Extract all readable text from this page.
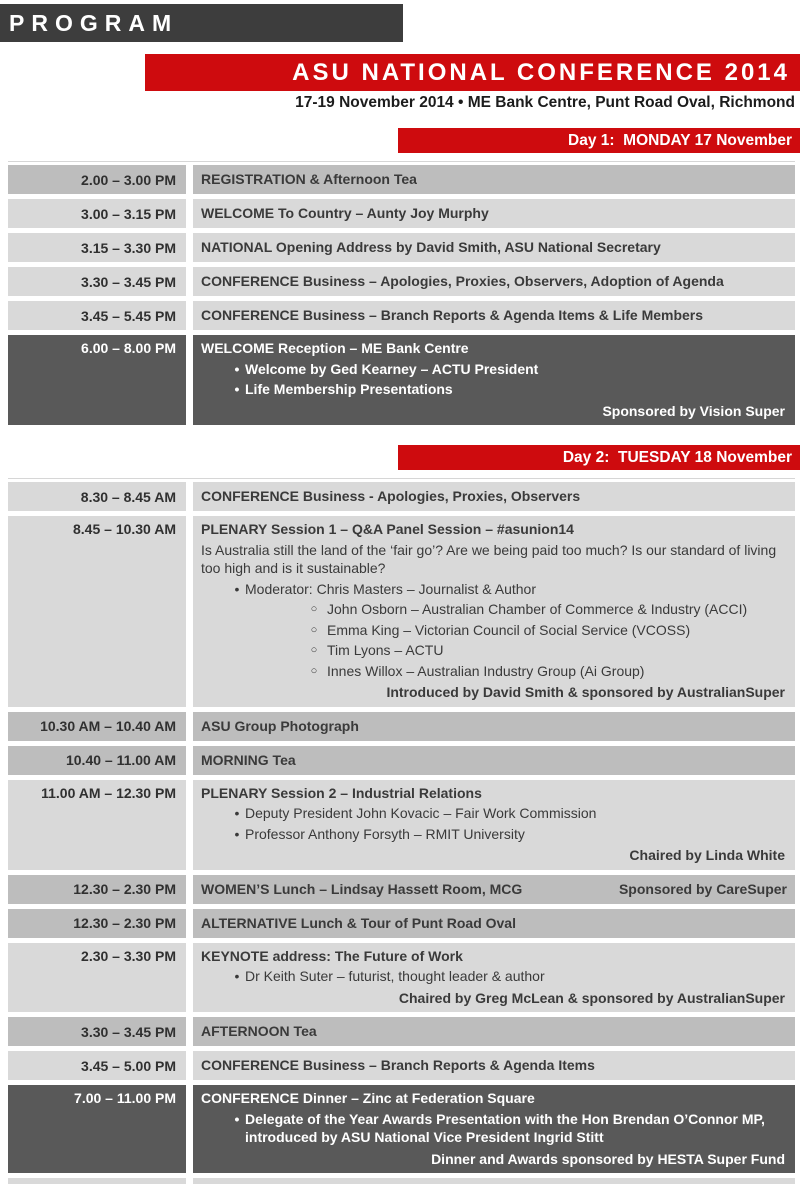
PROGRAM
ASU NATIONAL CONFERENCE 2014
17-19 November 2014 • ME Bank Centre, Punt Road Oval, Richmond
Day 1:  MONDAY 17 November
2.00 – 3.00 PM	REGISTRATION & Afternoon Tea
3.00 – 3.15 PM	WELCOME To Country – Aunty Joy Murphy
3.15 – 3.30 PM	NATIONAL Opening Address by David Smith, ASU National Secretary
3.30 – 3.45 PM	CONFERENCE Business – Apologies, Proxies, Observers, Adoption of Agenda
3.45 – 5.45 PM	CONFERENCE Business – Branch Reports & Agenda Items & Life Members
6.00 – 8.00 PM	WELCOME Reception – ME Bank Centre
• Welcome by Ged Kearney – ACTU President
• Life Membership Presentations
Sponsored by Vision Super
Day 2:  TUESDAY 18 November
8.30 – 8.45 AM	CONFERENCE Business - Apologies, Proxies, Observers
8.45 – 10.30 AM	PLENARY Session 1 – Q&A Panel Session – #asunion14
Is Australia still the land of the ‘fair go’? Are we being paid too much? Is our standard of living too high and is it sustainable?
• Moderator: Chris Masters – Journalist & Author
○ John Osborn – Australian Chamber of Commerce & Industry (ACCI)
○ Emma King – Victorian Council of Social Service (VCOSS)
○ Tim Lyons – ACTU
○ Innes Willox – Australian Industry Group (Ai Group)
Introduced by David Smith & sponsored by AustralianSuper
10.30 AM – 10.40 AM	ASU Group Photograph
10.40 – 11.00 AM	MORNING Tea
11.00 AM – 12.30 PM	PLENARY Session 2 – Industrial Relations
• Deputy President John Kovacic – Fair Work Commission
• Professor Anthony Forsyth – RMIT University
Chaired by Linda White
12.30 – 2.30 PM	WOMEN’S Lunch – Lindsay Hassett Room, MCG	Sponsored by CareSuper
12.30 – 2.30 PM	ALTERNATIVE Lunch & Tour of Punt Road Oval
2.30 – 3.30 PM	KEYNOTE address: The Future of Work
• Dr Keith Suter – futurist, thought leader & author
Chaired by Greg McLean & sponsored by AustralianSuper
3.30 – 3.45 PM	AFTERNOON Tea
3.45 – 5.00 PM	CONFERENCE Business – Branch Reports & Agenda Items
7.00 – 11.00 PM	CONFERENCE Dinner – Zinc at Federation Square
• Delegate of the Year Awards Presentation with the Hon Brendan O’Connor MP, introduced by ASU National Vice President Ingrid Stitt
Dinner and Awards sponsored by HESTA Super Fund
